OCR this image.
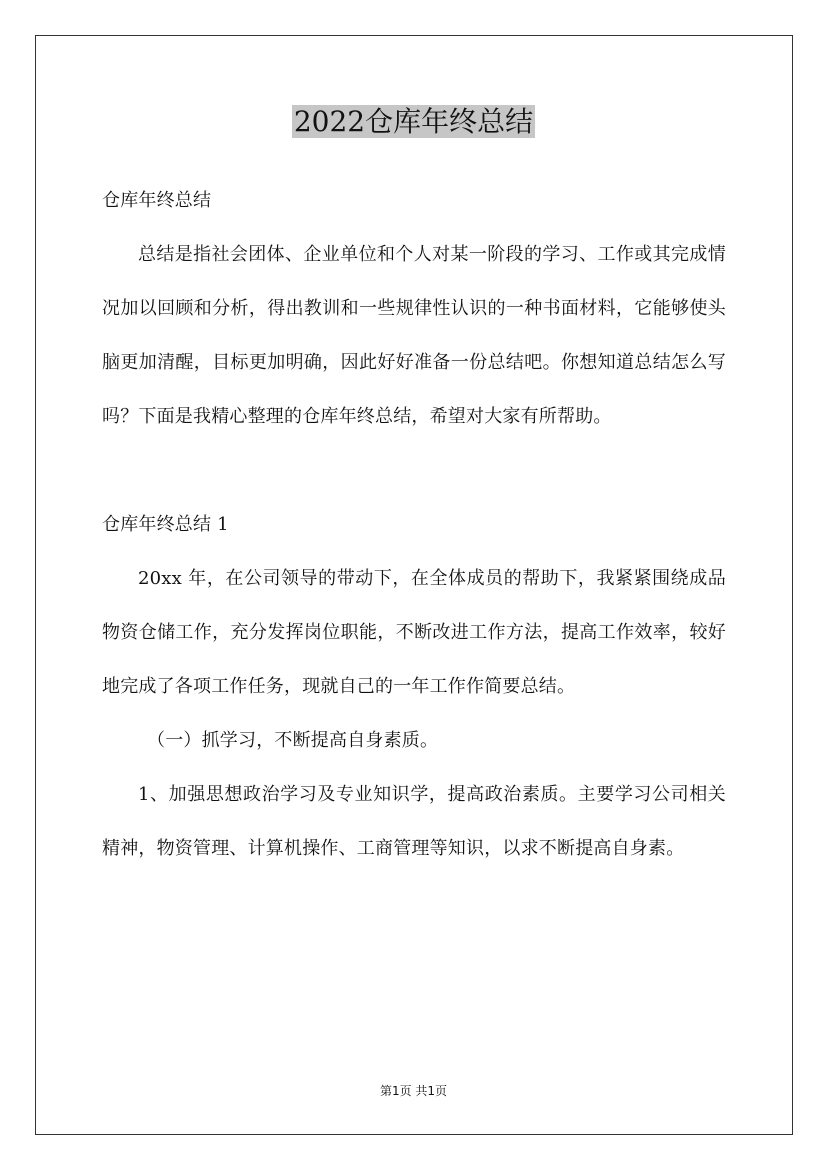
2022仓库年终总结

仓库年终总结

总结是指社会团体、企业单位和个人对某一阶段的学习、工作或其完成情况加以回顾和分析，得出教训和一些规律性认识的一种书面材料，它能够使头脑更加清醒，目标更加明确，因此好好准备一份总结吧。你想知道总结怎么写吗？下面是我精心整理的仓库年终总结，希望对大家有所帮助。

仓库年终总结 1

20xx 年，在公司领导的带动下，在全体成员的帮助下，我紧紧围绕成品物资仓储工作，充分发挥岗位职能，不断改进工作方法，提高工作效率，较好地完成了各项工作任务，现就自己的一年工作作简要总结。

（一）抓学习，不断提高自身素质。

1、加强思想政治学习及专业知识学，提高政治素质。主要学习公司相关精神，物资管理、计算机操作、工商管理等知识，以求不断提高自身素。

第1页 共1页
